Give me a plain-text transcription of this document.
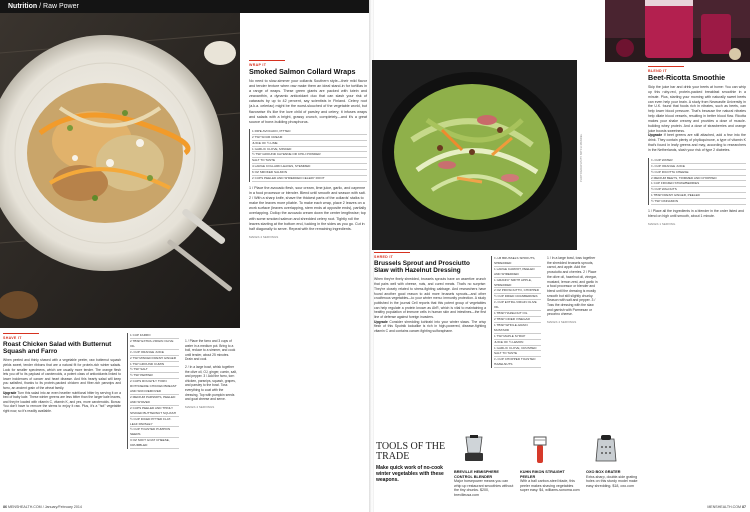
Nutrition / Raw Power
WRAP IT
Smoked Salmon Collard Wraps
No need to slow-simmer your collards Southern style—their mild flavor and tender texture when raw make them an ideal stand-in for tortillas in a range of wraps. These green giants are packed with lutein and zeaxanthin, a dynamic antioxidant duo that can slash your risk of cataracts by up to 42 percent, say scientists in Finland. Celery root (a.k.a. celeriac) might be the worst-slouched of the vegetable world, but flavorwise it's like the love child of parsley and celery; it infuses wraps and salads with a bright, grassy crunch, completely—and it's a great source of bone-building phosphorus.
1 RIPE AVOCADO, PITTED
2 TSP SOUR CREAM
JUICE OF ½ LIME
1 GARLIC CLOVE, MINCED
½ TSP GROUND CAYENNE OR CHILI POWDER
SALT TO TASTE
4 LARGE COLLARD LEAVES, STEMMED
6 OZ SMOKED SALMON
2 CUPS PEELED AND SHREDDED CELERY ROOT
1 / Place the avocado flesh, sour cream, lime juice, garlic, and cayenne in a food processor or blender. Blend until smooth and season with salt. 2 / With a sharp knife, shave the thickest parts of the collards' stalks to make the leaves more pliable. To make each wrap, place 2 leaves on a work surface (leaves overlapping, stem ends at opposite ends), partially overlapping. Dollop the avocado cream down the center lengthwise; top with some smoked salmon and shredded celery root. Tightly roll the leaves starting at the bottom end, tucking in the sides as you go. Cut in half diagonally to serve. Repeat with the remaining ingredients.
MAKES 4 SERVINGS
SHAVE IT
Roast Chicken Salad with Butternut Squash and Farro
When peeled and thinly shaved with a vegetable peeler, raw butternut squash yields sweet, tender ribbons that are a natural fit for protein-rich winter salads. Look for smaller specimens, which are usually more tender. The orange flesh lets you off to its payload of carotenoids, a potent class of antioxidants linked to lower incidences of cancer and heart disease. And this hearty salad will keep you satisfied, thanks to its protein-packed chicken and fiber-rich parsnips and farro, an ancient grain of the wheat family.
Upgrade Turn this salad into an even heartier nutritional hitter by serving it on a bed of baby kale. These winter greens are less bitter than the larger kale leaves, and they're loaded with vitamin C, vitamin K, and yes, more carotenoids. Bonus: You don't have to remove the stems to enjoy it raw. Plus, it's a "hot" vegetable right now, so it's readily available.
1 CUP FARRO
2 TBSP EXTRA-VIRGIN OLIVE OIL
¼ CUP ORANGE JUICE
2 TSP MINCED FRESH GINGER
1 TSP GROUND CUMIN
½ TSP SALT
½ TSP PEPPER
2 CUPS ROUGHLY TORN ROTISSERIE CHICKEN BREAST AND SKIN REMOVED
2 MEDIUM PARSNIPS, PEELED AND SHAVED
2 CUPS PEELED AND THINLY SHAVED BUTTERNUT SQUASH
½ CUP DICED PITTED FLAT-LEAF PARSLEY
½ CUP TOASTED PUMPKIN SEEDS
3 OZ SOFT GOAT CHEESE, CRUMBLED
1 / Place the farro and 3 cups of water in a medium pot. Bring to a boil, reduce to a simmer, and cook until tender, about 25 minutes. Drain and cool.
2 / In a large bowl, whisk together the olive oil, OJ, ginger, cumin, salt, and pepper. 3 / Add the farro, torn chicken, parsnips, squash, grapes, and parsley to the bowl. Toss everything to coat with the dressing. Top with pumpkin seeds and goat cheese and serve.
MAKES 4 SERVINGS
86 MENSHEALTH.COM / January/February 2014
PHOTOGRAPHS BY MITCH MANDEL
BLEND IT
Beet-Ricotta Smoothie
Skip the juice bar and drink your beets at home: You can whip up this ruby-red, protein-packed breakfast smoothie in a minute. Plus, starting your morning with naturally sweet beets can even help your brain. A study from Newcastle University in the U.K. found that foods rich in nitrates, such as beets, can help lower blood pressure. That's because the natural nitrates help dilate blood vessels, resulting in better blood flow. Ricotta makes your shake creamy and provides a dose of muscle-building whey protein. And a dose of strawberries and orange juice boosts sweetness.
Upgrade If beet greens are still attached, add a few into the drink. They contain plenty of phylloquinone, a type of vitamin K that's found in leafy greens and may, according to researchers in the Netherlands, slash your risk of type 2 diabetes.
¾ CUP WATER
¾ CUP ORANGE JUICE
½ CUP RICOTTA CHEESE
2 MEDIUM BEETS, TRIMMED AND CHOPPED
1 CUP FROZEN STRAWBERRIES
½ CUP WALNUTS
1 TBSP FRESH GINGER, PEELED
½ TSP CINNAMON
1 / Place all the ingredients in a blender in the order listed and blend on high until smooth, about 1 minute.
MAKES 1 SERVING
SHRED IT
Brussels Sprout and Prosciutto Slaw with Hazelnut Dressing
When they're finely shredded, brussels sprouts have an assertive crunch that pairs well with cheese, nuts, and cured meats. That's no surprise: They're closely related to stress-fighting cabbage. And researchers have found another good reason to add more brussels sprouts—and other cruciferous vegetables—to your winter menu: immunity protection. A study published in the journal Cell reports that this potent group of vegetables can help regulate a protein known as AhR, which is vital to maintaining a healthy population of immune cells in human skin and intestines—the first line of defense against foreign invaders.
Upgrade Consider shredding kohlrabi into your winter slaws. The crisp flesh of this Sputnik lookalike is rich in high-powered, disease-fighting vitamin C and contains cancer-fighting sulforaphane.
¾ LB BRUSSELS SPROUTS, SHREDDED
1 LARGE CARROT, PEELED AND SHREDDED
1 GRANNY SMITH APPLE, SHREDDED
2 OZ PROSCIUTTO, CHOPPED
½ CUP DRIED CRANBERRIES
¼ CUP EXTRA-VIRGIN OLIVE OIL
1 TBSP HAZELNUT OIL
2 TBSP CIDER VINEGAR
1 TBSP WHOLE-GRAIN MUSTARD
1 TSP MAPLE SYRUP
JUICE OF ½ LEMON
1 GARLIC CLOVE, CRUSHED
SALT TO TASTE
¼ CUP CHOPPED TOASTED HAZELNUTS
1 / In a large bowl, toss together the shredded brussels sprouts, carrot, and apple. Add the prosciutto and cherries. 2 / Place the olive oil, hazelnut oil, vinegar, mustard, lemon zest, and garlic in a food processor or blender and blend until the dressing is mostly smooth but still slightly chunky. Season with salt and pepper. 3 / Toss the dressing with the slaw and garnish with Parmesan or pecorino cheese.
MAKES 4 SERVINGS
TOOLS OF THE TRADE
Make quick work of no-cook winter vegetables with these weapons.
BREVILLE HEMISPHERE CONTROL BLENDER
Major horsepower means you can whip up restaurant smoothies without the tiny chunks. $200, brevilleusa.com
KUHN RIKON STRAIGHT PEELER
With a ball carbon-steel blade, this peeler makes shaving vegetables super easy. $4, williams-sonoma.com
OXO BOX GRATER
Extra-sharp, double-side grating holes on this sturdy model make easy shredding. $18, oxo.com
MENSHEALTH.COM 87
